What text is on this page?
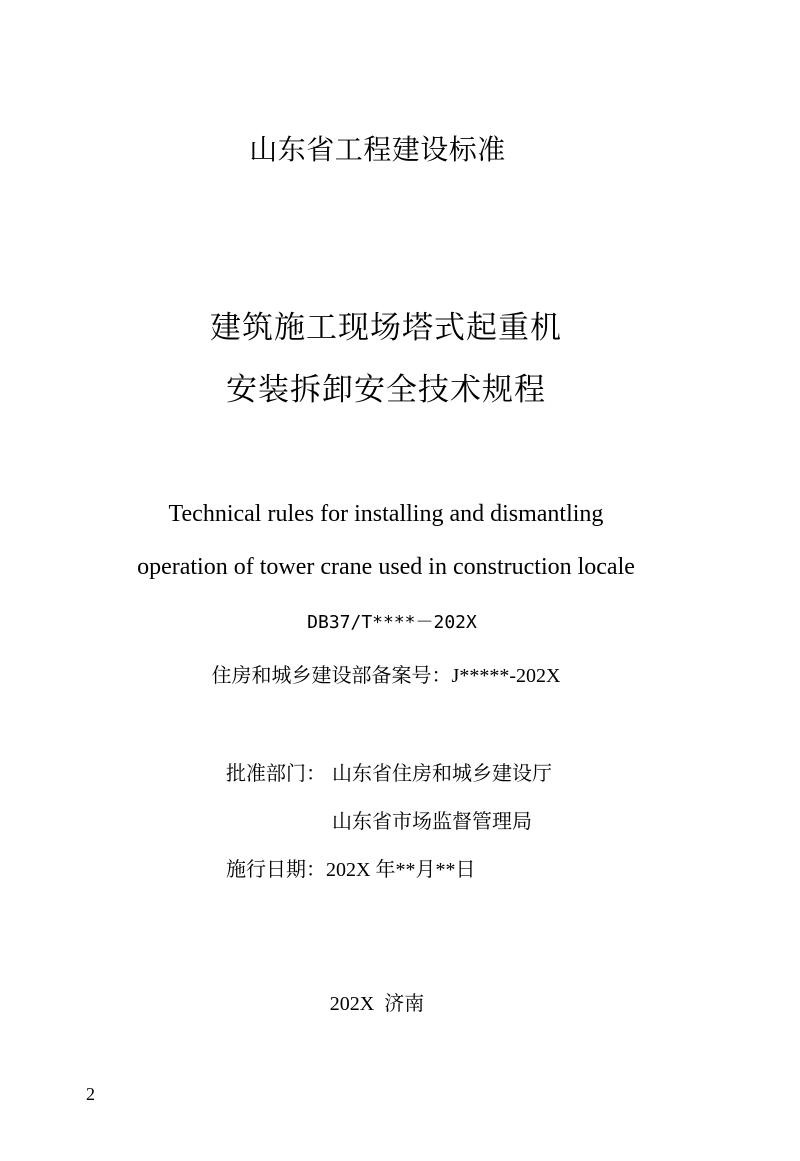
山东省工程建设标准
建筑施工现场塔式起重机
安装拆卸安全技术规程
Technical rules for installing and dismantling
operation of tower crane used in construction locale
DB37/T****－202X
住房和城乡建设部备案号：J*****-202X
批准部门： 山东省住房和城乡建设厅
山东省市场监督管理局
施行日期：202X 年**月**日
202X  济南
2
